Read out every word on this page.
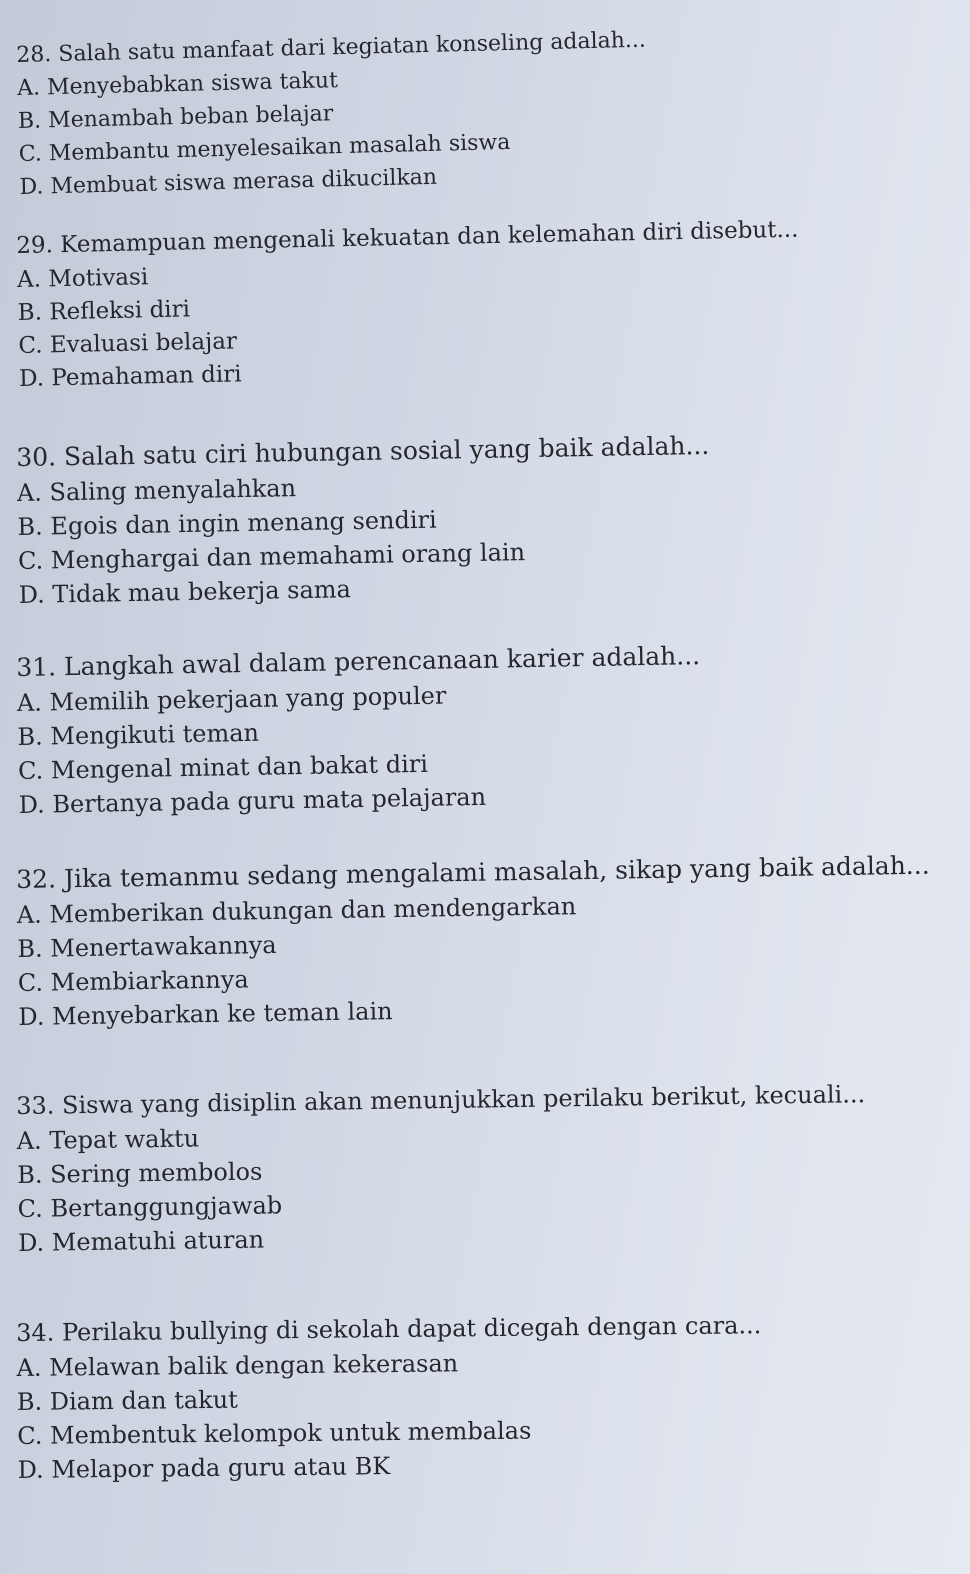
28. Salah satu manfaat dari kegiatan konseling adalah...

A. Menyebabkan siswa takut
B. Menambah beban belajar
C. Membantu menyelesaikan masalah siswa
D. Membuat siswa merasa dikucilkan

29. Kemampuan mengenali kekuatan dan kelemahan diri disebut...

A. Motivasi
B. Refleksi diri
C. Evaluasi belajar
D. Pemahaman diri

30. Salah satu ciri hubungan sosial yang baik adalah...

A. Saling menyalahkan
B. Egois dan ingin menang sendiri
C. Menghargai dan memahami orang lain
D. Tidak mau bekerja sama

31. Langkah awal dalam perencanaan karier adalah...

A. Memilih pekerjaan yang populer
B. Mengikuti teman
C. Mengenal minat dan bakat diri
D. Bertanya pada guru mata pelajaran

32. Jika temanmu sedang mengalami masalah, sikap yang baik adalah...

A. Memberikan dukungan dan mendengarkan
B. Menertawakannya
C. Membiarkannya
D. Menyebarkan ke teman lain

33. Siswa yang disiplin akan menunjukkan perilaku berikut, kecuali...

A. Tepat waktu
B. Sering membolos
C. Bertanggungjawab
D. Mematuhi aturan

34. Perilaku bullying di sekolah dapat dicegah dengan cara...

A. Melawan balik dengan kekerasan
B. Diam dan takut
C. Membentuk kelompok untuk membalas
D. Melapor pada guru atau BK
